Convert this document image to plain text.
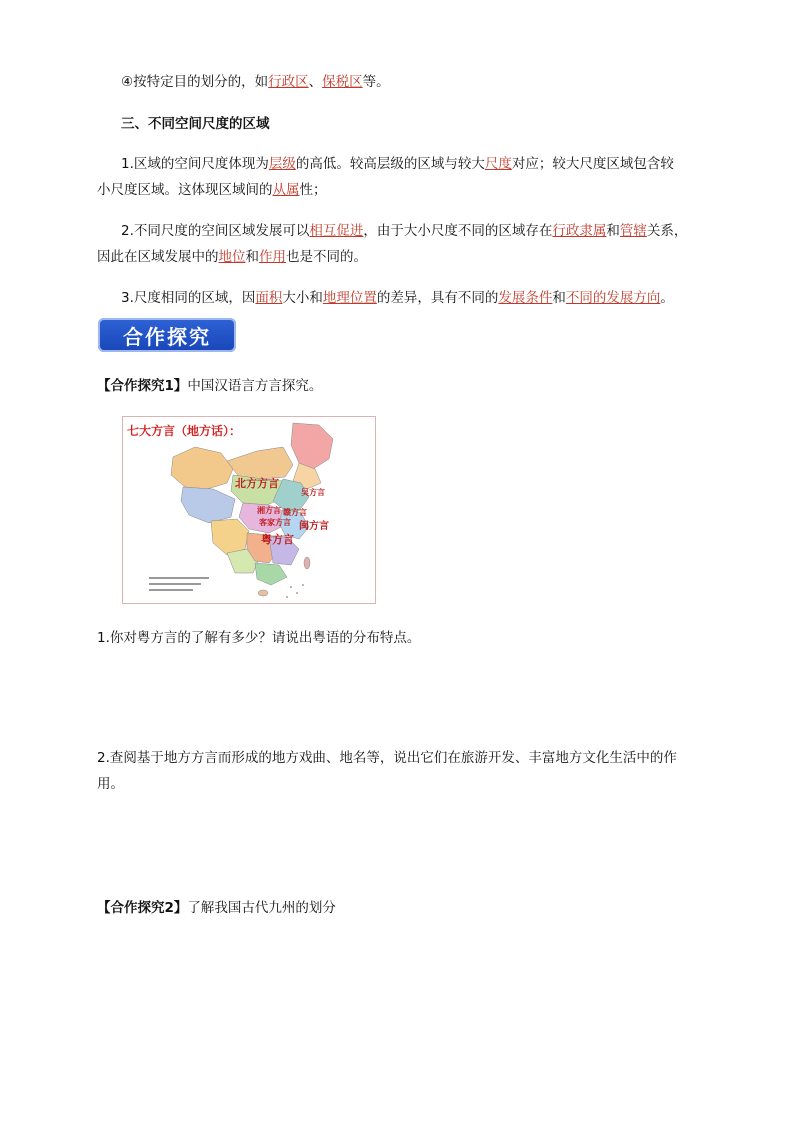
④按特定目的划分的，如行政区、保税区等。
三、不同空间尺度的区域
1.区域的空间尺度体现为层级的高低。较高层级的区域与较大尺度对应；较大尺度区域包含较
小尺度区域。这体现区域间的从属性；
2.不同尺度的空间区域发展可以相互促进，由于大小尺度不同的区域存在行政隶属和管辖关系，
因此在区域发展中的地位和作用也是不同的。
3.尺度相同的区域，因面积大小和地理位置的差异，具有不同的发展条件和不同的发展方向。
合作探究
【合作探究1】中国汉语言方言探究。
七大方言（地方话）：
北方方言
吴方言
湘方言 赣方言
客家方言 闽方言
粤方言
1.你对粤方言的了解有多少？请说出粤语的分布特点。
2.查阅基于地方方言而形成的地方戏曲、地名等，说出它们在旅游开发、丰富地方文化生活中的作
用。
【合作探究2】了解我国古代九州的划分
